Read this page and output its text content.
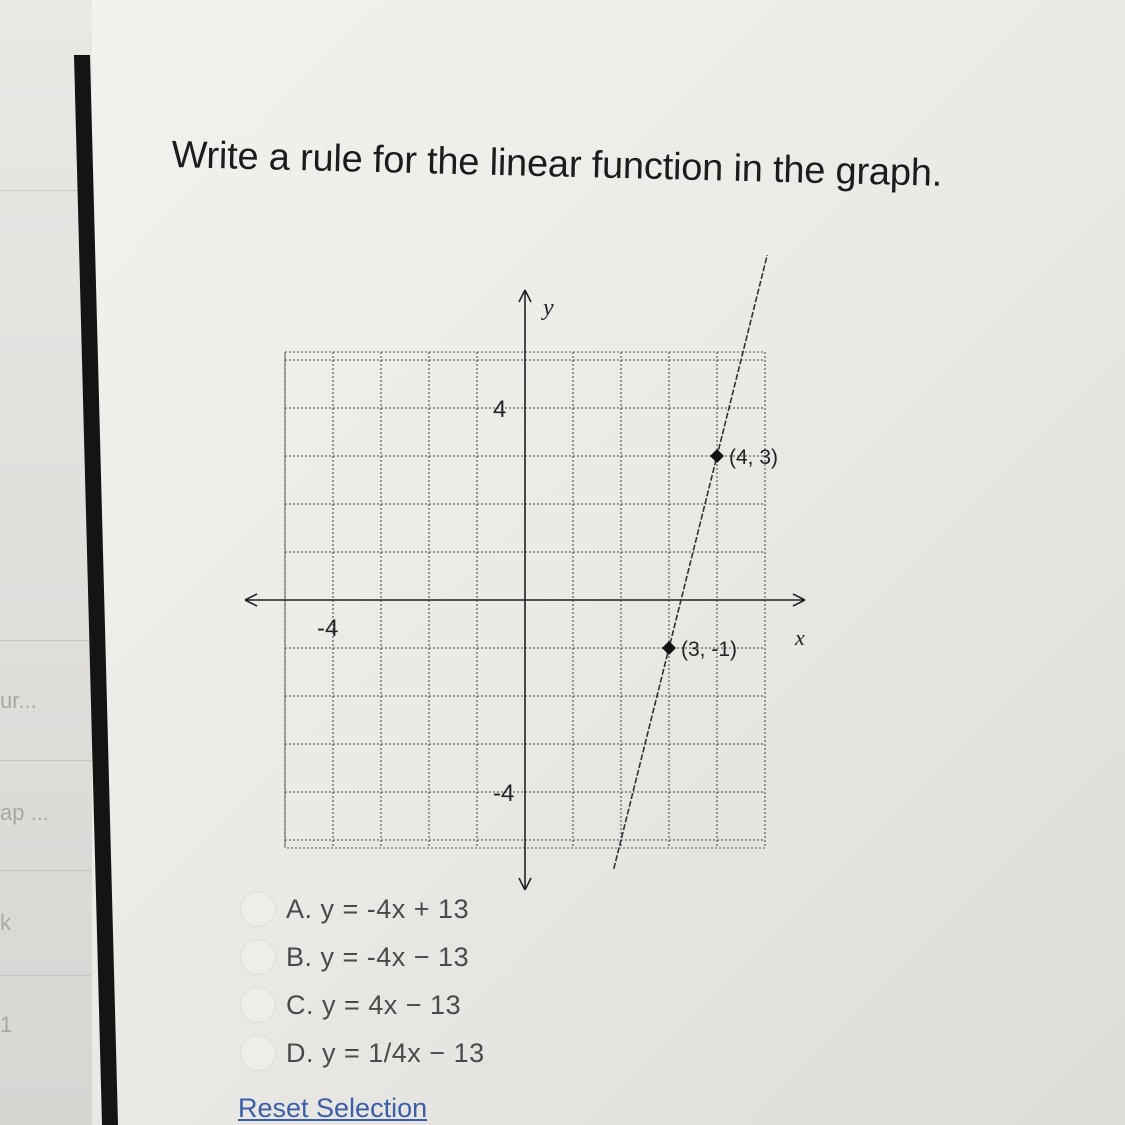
ur...
ap ...
k
1
Write a rule for the linear function in the graph.
(4, 3)
(3, -1)	x
y
4
-4
-4
A. y = -4x + 13
B. y = -4x − 13
C. y = 4x − 13
D. y = 1/4x − 13
Reset Selection
